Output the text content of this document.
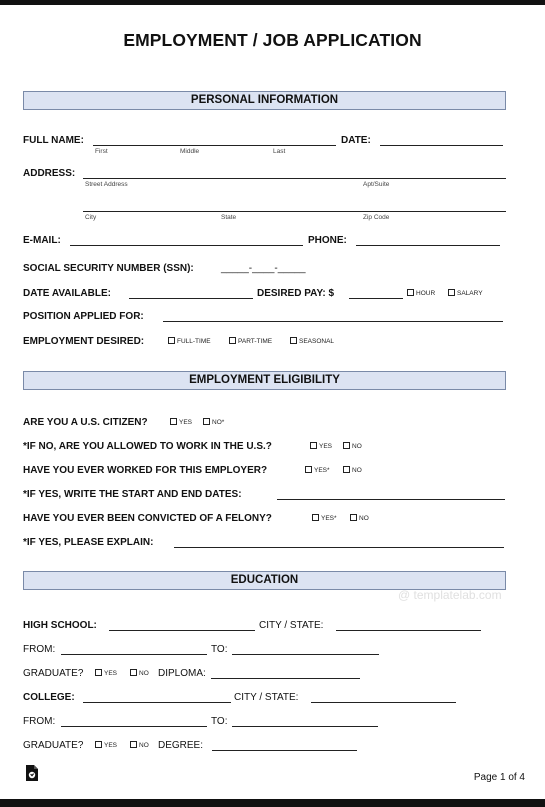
EMPLOYMENT / JOB APPLICATION
PERSONAL INFORMATION
FULL NAME:
First	Middle	Last
DATE:
ADDRESS:
Street Address	Apt/Suite
City	State	Zip Code
E-MAIL:	PHONE:
SOCIAL SECURITY NUMBER (SSN):	_____-____-_____
DATE AVAILABLE:	DESIRED PAY: $	HOUR	SALARY
POSITION APPLIED FOR:
EMPLOYMENT DESIRED:	FULL-TIME	PART-TIME	SEASONAL
EMPLOYMENT ELIGIBILITY
ARE YOU A U.S. CITIZEN?	YES	NO*
*IF NO, ARE YOU ALLOWED TO WORK IN THE U.S.?	YES	NO
HAVE YOU EVER WORKED FOR THIS EMPLOYER?	YES*	NO
*IF YES, WRITE THE START AND END DATES:
HAVE YOU EVER BEEN CONVICTED OF A FELONY?	YES*	NO
*IF YES, PLEASE EXPLAIN:
EDUCATION
@ templatelab.com
HIGH SCHOOL:	CITY / STATE:
FROM:	TO:
GRADUATE?	YES	NO DIPLOMA:
COLLEGE:	CITY / STATE:
FROM:	TO:
GRADUATE?	YES	NO DEGREE:
Page 1 of 4
